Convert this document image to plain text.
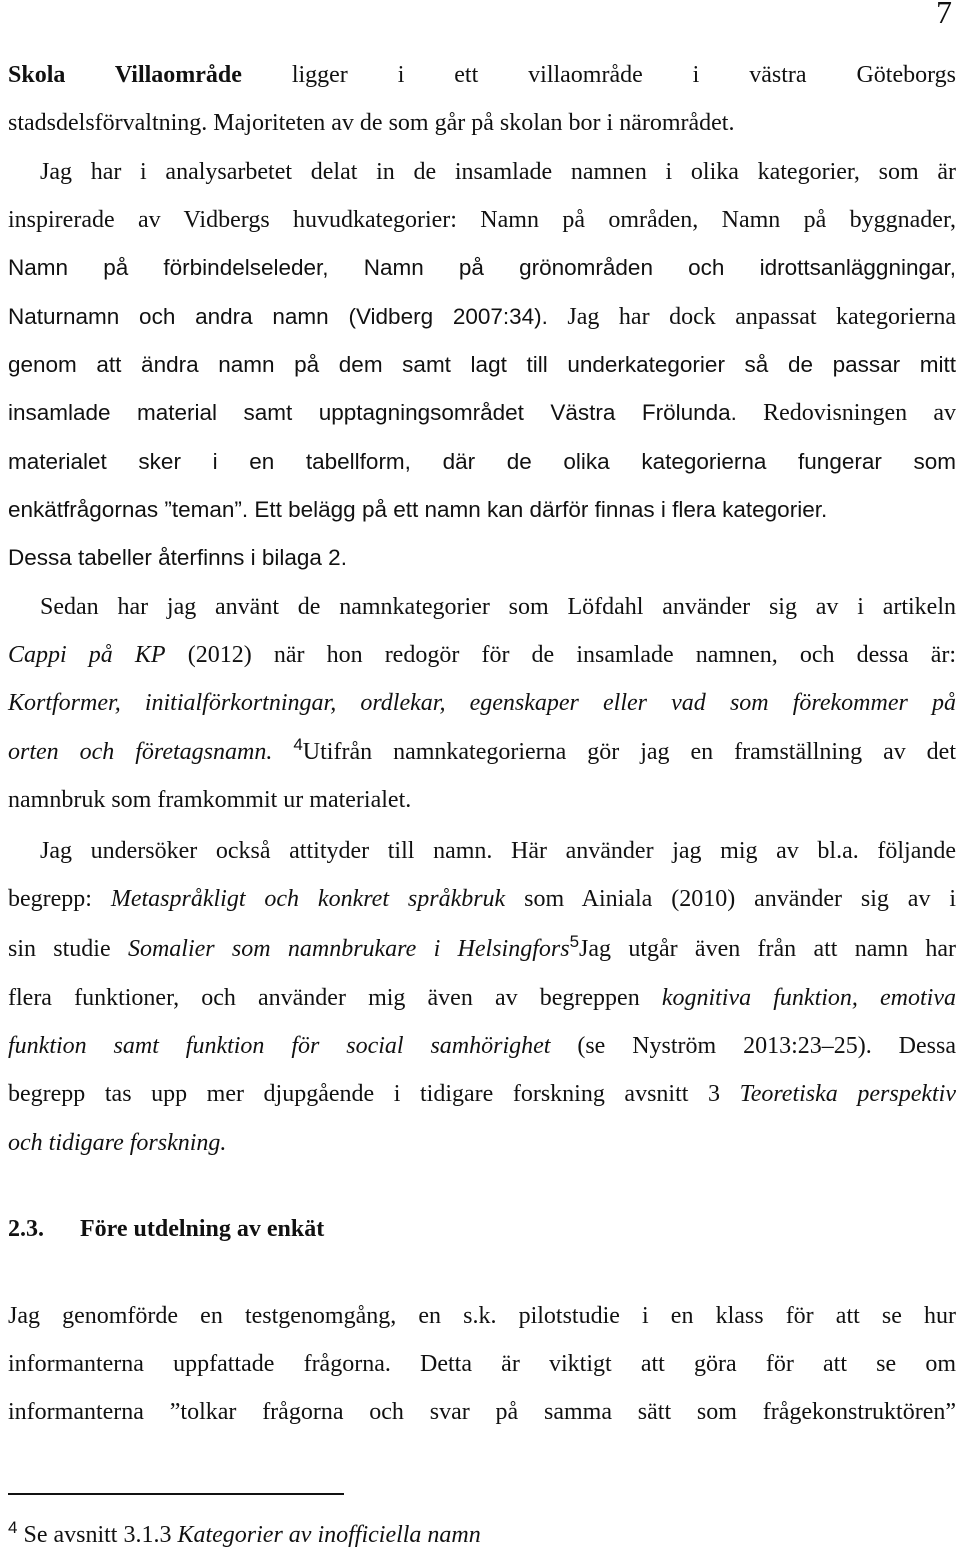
7
Skola Villaområde ligger i ett villaområde i västra Göteborgs
stadsdelsförvaltning. Majoriteten av de som går på skolan bor i närområdet.
Jag har i analysarbetet delat in de insamlade namnen i olika kategorier, som är
inspirerade av Vidbergs huvudkategorier: Namn på områden, Namn på byggnader,
Namn på förbindelseleder, Namn på grönområden och idrottsanläggningar,
Naturnamn och andra namn (Vidberg 2007:34). Jag har dock anpassat kategorierna
genom att ändra namn på dem samt lagt till underkategorier så de passar mitt
insamlade material samt upptagningsområdet Västra Frölunda. Redovisningen av
materialet sker i en tabellform, där de olika kategorierna fungerar som
enkätfrågornas ”teman”. Ett belägg på ett namn kan därför finnas i flera kategorier.
Dessa tabeller återfinns i bilaga 2.
Sedan har jag använt de namnkategorier som Löfdahl använder sig av i artikeln
Cappi på KP (2012) när hon redogör för de insamlade namnen, och dessa är:
Kortformer, initialförkortningar, ordlekar, egenskaper eller vad som förekommer på
orten och företagsnamn. $^4$Utifrån namnkategorierna gör jag en framställning av det
namnbruk som framkommit ur materialet.
Jag undersöker också attityder till namn. Här använder jag mig av bl.a. följande
begrepp: Metaspråkligt och konkret språkbruk som Ainiala (2010) använder sig av i
sin studie Somalier som namnbrukare i Helsingfors$^5$Jag utgår även från att namn har
flera funktioner, och använder mig även av begreppen kognitiva funktion, emotiva
funktion samt funktion för social samhörighet (se Nyström 2013:23–25). Dessa
begrepp tas upp mer djupgående i tidigare forskning avsnitt 3 Teoretiska perspektiv
och tidigare forskning.
2.3. Före utdelning av enkät
Jag genomförde en testgenomgång, en s.k. pilotstudie i en klass för att se hur
informanterna uppfattade frågorna. Detta är viktigt att göra för att se om
informanterna ”tolkar frågorna och svar på samma sätt som frågekonstruktören”
$^4$ Se avsnitt 3.1.3 Kategorier av inofficiella namn
